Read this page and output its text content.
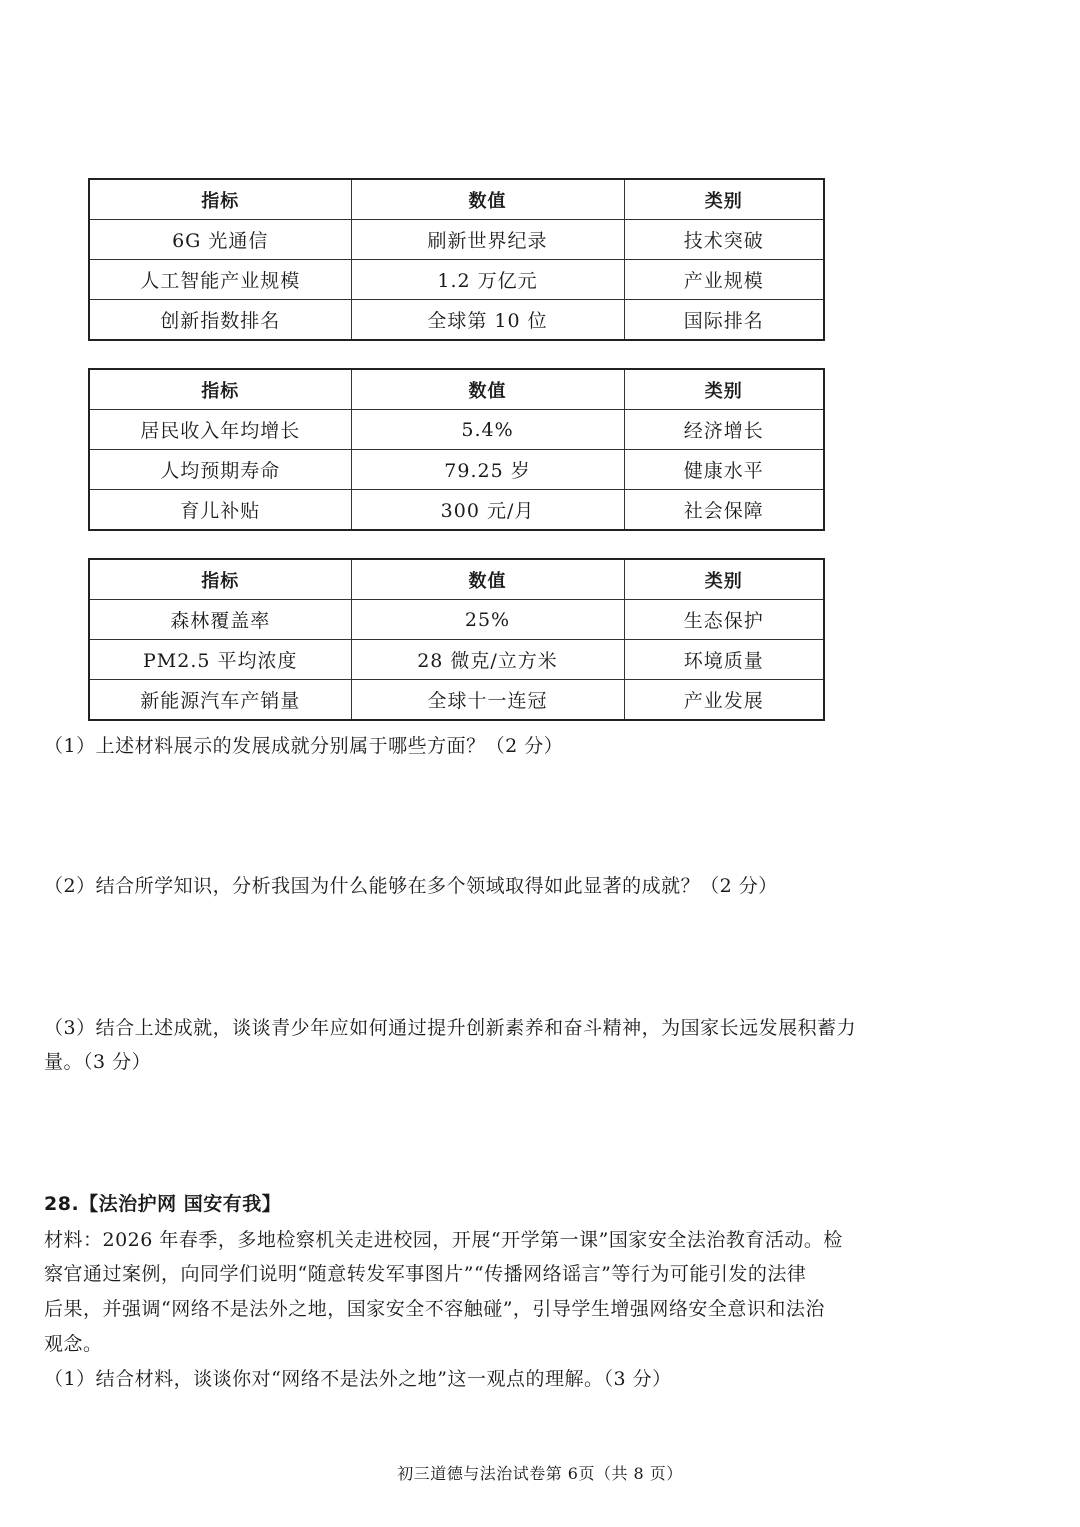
指标	数值	类别
6G 光通信	刷新世界纪录	技术突破
人工智能产业规模	1.2 万亿元	产业规模
创新指数排名	全球第 10 位	国际排名
指标	数值	类别
居民收入年均增长	5.4%	经济增长
人均预期寿命	79.25 岁	健康水平
育儿补贴	300 元/月	社会保障
指标	数值	类别
森林覆盖率	25%	生态保护
PM2.5 平均浓度	28 微克/立方米	环境质量
新能源汽车产销量	全球十一连冠	产业发展
（1）上述材料展示的发展成就分别属于哪些方面？（2 分）
（2）结合所学知识，分析我国为什么能够在多个领域取得如此显著的成就？（2 分）
（3）结合上述成就，谈谈青少年应如何通过提升创新素养和奋斗精神，为国家长远发展积蓄力
量。（3 分）
28.【法治护网 国安有我】
材料：2026 年春季，多地检察机关走进校园，开展“开学第一课”国家安全法治教育活动。检
察官通过案例，向同学们说明“随意转发军事图片”“传播网络谣言”等行为可能引发的法律
后果，并强调“网络不是法外之地，国家安全不容触碰”，引导学生增强网络安全意识和法治
观念。
（1）结合材料，谈谈你对“网络不是法外之地”这一观点的理解。（3 分）
初三道德与法治试卷第 6页（共 8 页）
